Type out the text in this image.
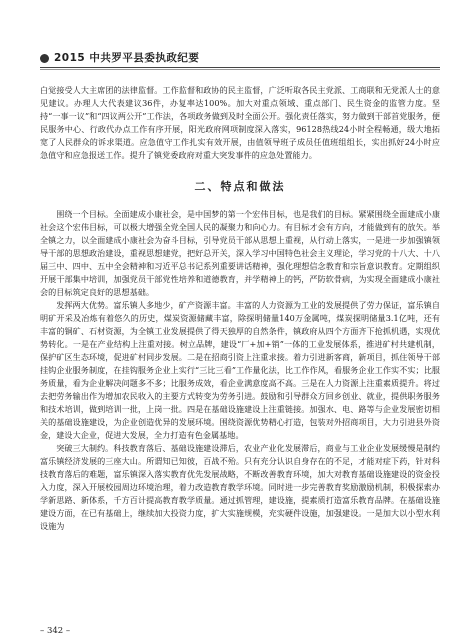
2015 中共罗平县委执政纪要

白觉接受人大主席团的法律监督。工作监督和政协的民主监督，广泛听取各民主党派、工商联和无党派人士的意见建议。办理人大代表建议36件，办复率达100%。加大对重点领域、重点部门、民生资金的监管力度。坚持“一事一议”和“四议两公开”工作法，各项政务做到及时全面公开。强化责任落实，努力做到干部首党服务，便民服务中心、行政代办点工作有序开展，阳光政府网项制度深入落实，96128热线24小时全程畅通，级大地拓宽了人民群众的诉求渠道。应急值守工作扎实有效开展，由值领导班子成员任值班组组长，实出抓好24小时应急值守和应急报送工作。提升了镇党委政府对重大突发事件的应急处置能力。

二、特点和做法

围绕一个目标。全面建成小康社会，是中国梦的第一个宏伟目标，也是我们的目标。紧紧围绕全面建成小康社会这个宏伟目标，可以极大增强全党全国人民的凝聚力和向心力。有目标才会有方向，才能做到有的放矢。举全镇之力，以全面建成小康社会为奋斗目标，引导党员干部从思想上重视，从行动上落实，一是进一步加强镇领导干部的思想政治建设，重视思想建党，把好总开关，深入学习中国特色社会主义理论，学习党的十八大、十八届三中、四中、五中全会精神和习近平总书记系列重要讲话精神，强化理想信念教育和宗旨意识教育。定期组织开展干部集中培训，加强党员干部党性培养和道德教育，并学精神上的钙，严防软骨病，为实现全面建成小康社会的目标筑定良好的思想基础。

发挥两大优势。富乐镇人多地少，矿产资源丰富。丰富的人力资源为工业的发展提供了劳力保证，富乐镇自明矿开采及冶炼有着悠久的历史，煤炭资源储藏丰富，除探明储量140万金属吨，煤炭探明储量3.1亿吨，还有丰富的铜矿、石材资源，为全镇工业发展提供了得天独厚的自然条件，镇政府从四个方面齐下抢抓机遇，实现优势转化。一是在产业结构上注重对接。树立品牌，建设“厂+加+销”一体的工业发展体系，推进矿村共建机制，保护矿区生态环境，促进矿村同步发展。二是在招商引资上注重求接。着力引进新客商，新项目，抓住领导干部挂钩企业服务制度，在挂钩服务企业上实行“三比三看”工作量化法，比工作作风，看服务企业工作实不实；比服务质量，看为企业解决问题多不多；比服务成效，看企业满意度高不高。三是在人力资源上注重素质提升。将过去把劳务输出作为增加农民收入的主要方式转变为劳务引进。鼓励和引导群众方回乡创业、就业，提供职务服务和技术培训，做到培训一批，上岗一批。四是在基础设施建设上注重链接。加强水、电、路等与企业发展密切相关的基础设施建设，为企业创造优异的发展环境。围绕资源优势精心打造，包装对外招商项目，大力引进县外资金，建设大企业，促进大发展，全力打造有色金属基地。

突破三大制约。科技教育落后、基础设施建设滞后，农业产业化发展滞后，商业与工业企业发展缓慢是制约富乐镇经济发展的三座大山。所谓知已知彼，百战不殆。只有充分认识自身存在的不足，才能对症下药，针对科技教育落后的难题，富乐镇深入落实教育优先发展战略，不断改善教育环境，加大对教育基础设施建设的资金投入力度，深入开展校园周边环境治理，着力改造教育教学环境。同时进一步完善教育奖励激励机制，积极探索办学新思路、新体系，千方百计提高教育教学质量。通过抓管理，建设施，提素质打造富乐教育品牌。在基础设施建设方面，在已有基础上，继续加大投资力度，扩大实施规模，充实硬件设施，加强建设。一是加大以小型水利设施为

– 342 –
